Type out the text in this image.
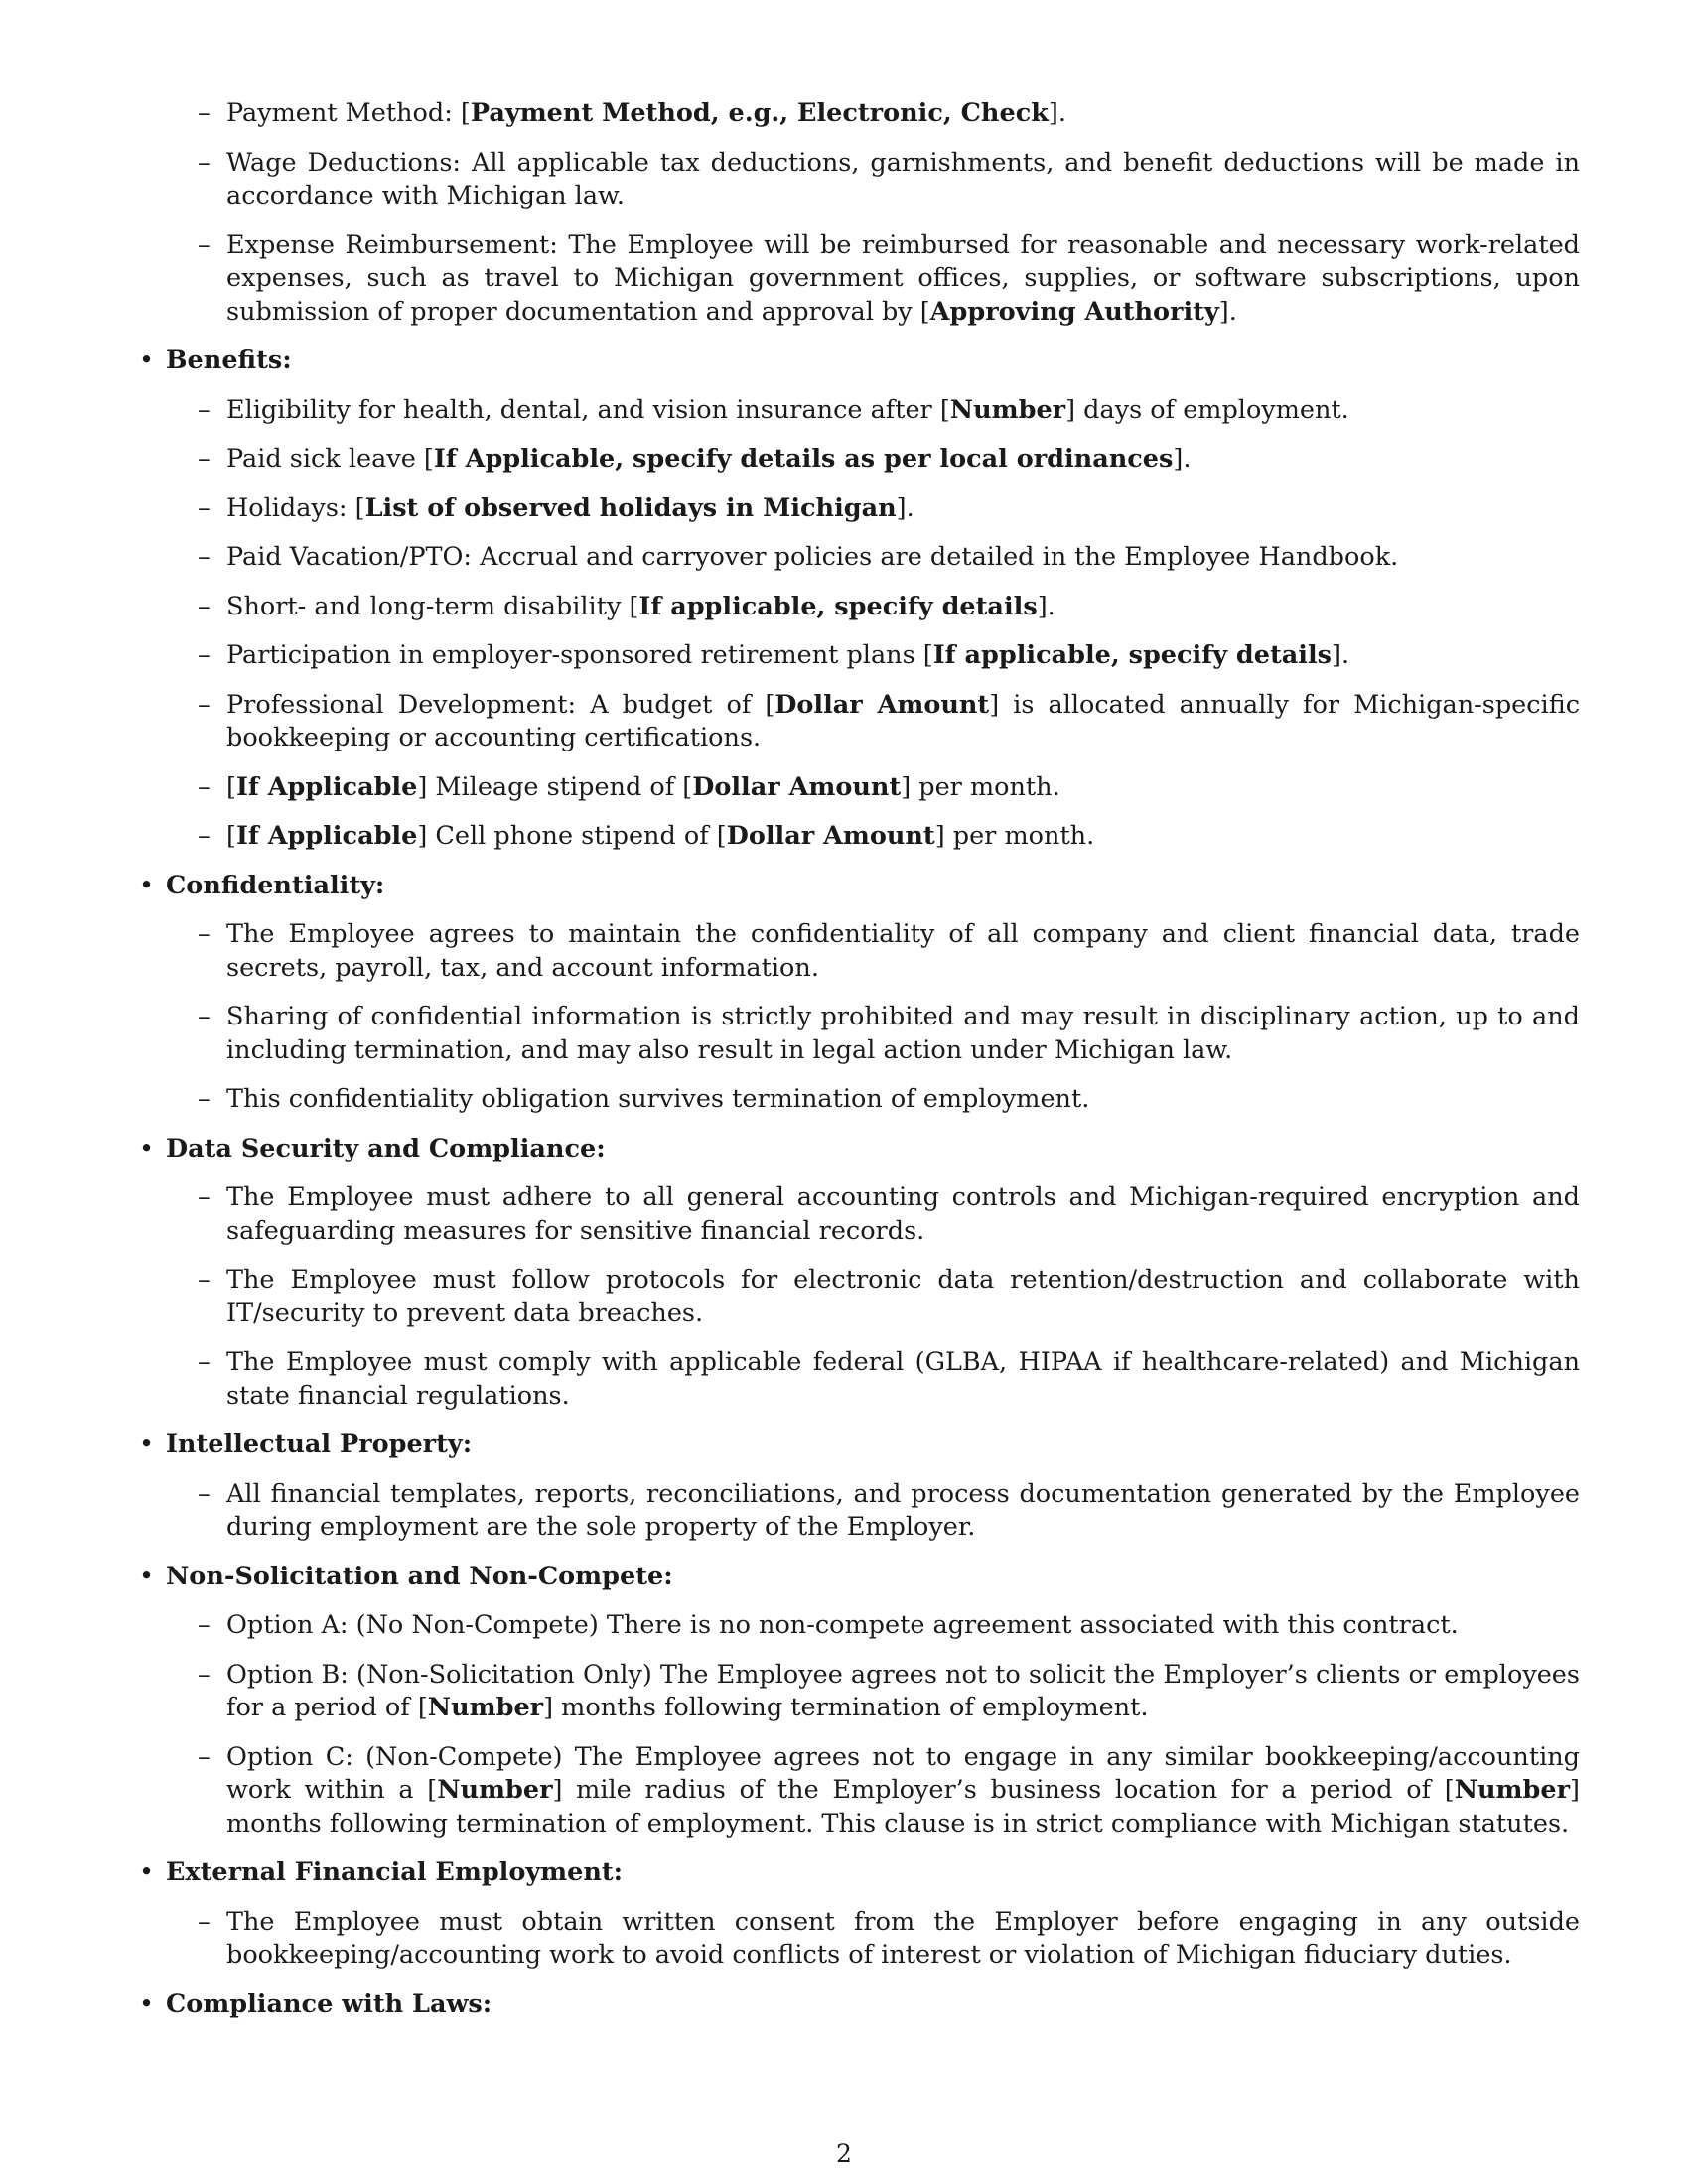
– Payment Method: [Payment Method, e.g., Electronic, Check].
– Wage Deductions: All applicable tax deductions, garnishments, and benefit deductions will be made in accordance with Michigan law.
– Expense Reimbursement: The Employee will be reimbursed for reasonable and necessary work-related expenses, such as travel to Michigan government offices, supplies, or software subscriptions, upon submission of proper documentation and approval by [Approving Authority].
• Benefits:
– Eligibility for health, dental, and vision insurance after [Number] days of employment.
– Paid sick leave [If Applicable, specify details as per local ordinances].
– Holidays: [List of observed holidays in Michigan].
– Paid Vacation/PTO: Accrual and carryover policies are detailed in the Employee Handbook.
– Short- and long-term disability [If applicable, specify details].
– Participation in employer-sponsored retirement plans [If applicable, specify details].
– Professional Development: A budget of [Dollar Amount] is allocated annually for Michigan-specific bookkeeping or accounting certifications.
– [If Applicable] Mileage stipend of [Dollar Amount] per month.
– [If Applicable] Cell phone stipend of [Dollar Amount] per month.
• Confidentiality:
– The Employee agrees to maintain the confidentiality of all company and client financial data, trade secrets, payroll, tax, and account information.
– Sharing of confidential information is strictly prohibited and may result in disciplinary action, up to and including termination, and may also result in legal action under Michigan law.
– This confidentiality obligation survives termination of employment.
• Data Security and Compliance:
– The Employee must adhere to all general accounting controls and Michigan-required encryption and safeguarding measures for sensitive financial records.
– The Employee must follow protocols for electronic data retention/destruction and collaborate with IT/security to prevent data breaches.
– The Employee must comply with applicable federal (GLBA, HIPAA if healthcare-related) and Michigan state financial regulations.
• Intellectual Property:
– All financial templates, reports, reconciliations, and process documentation generated by the Employee during employment are the sole property of the Employer.
• Non-Solicitation and Non-Compete:
– Option A: (No Non-Compete) There is no non-compete agreement associated with this contract.
– Option B: (Non-Solicitation Only) The Employee agrees not to solicit the Employer’s clients or employees for a period of [Number] months following termination of employment.
– Option C: (Non-Compete) The Employee agrees not to engage in any similar bookkeeping/accounting work within a [Number] mile radius of the Employer’s business location for a period of [Number] months following termination of employment. This clause is in strict compliance with Michigan statutes.
• External Financial Employment:
– The Employee must obtain written consent from the Employer before engaging in any outside bookkeeping/accounting work to avoid conflicts of interest or violation of Michigan fiduciary duties.
• Compliance with Laws:
2
